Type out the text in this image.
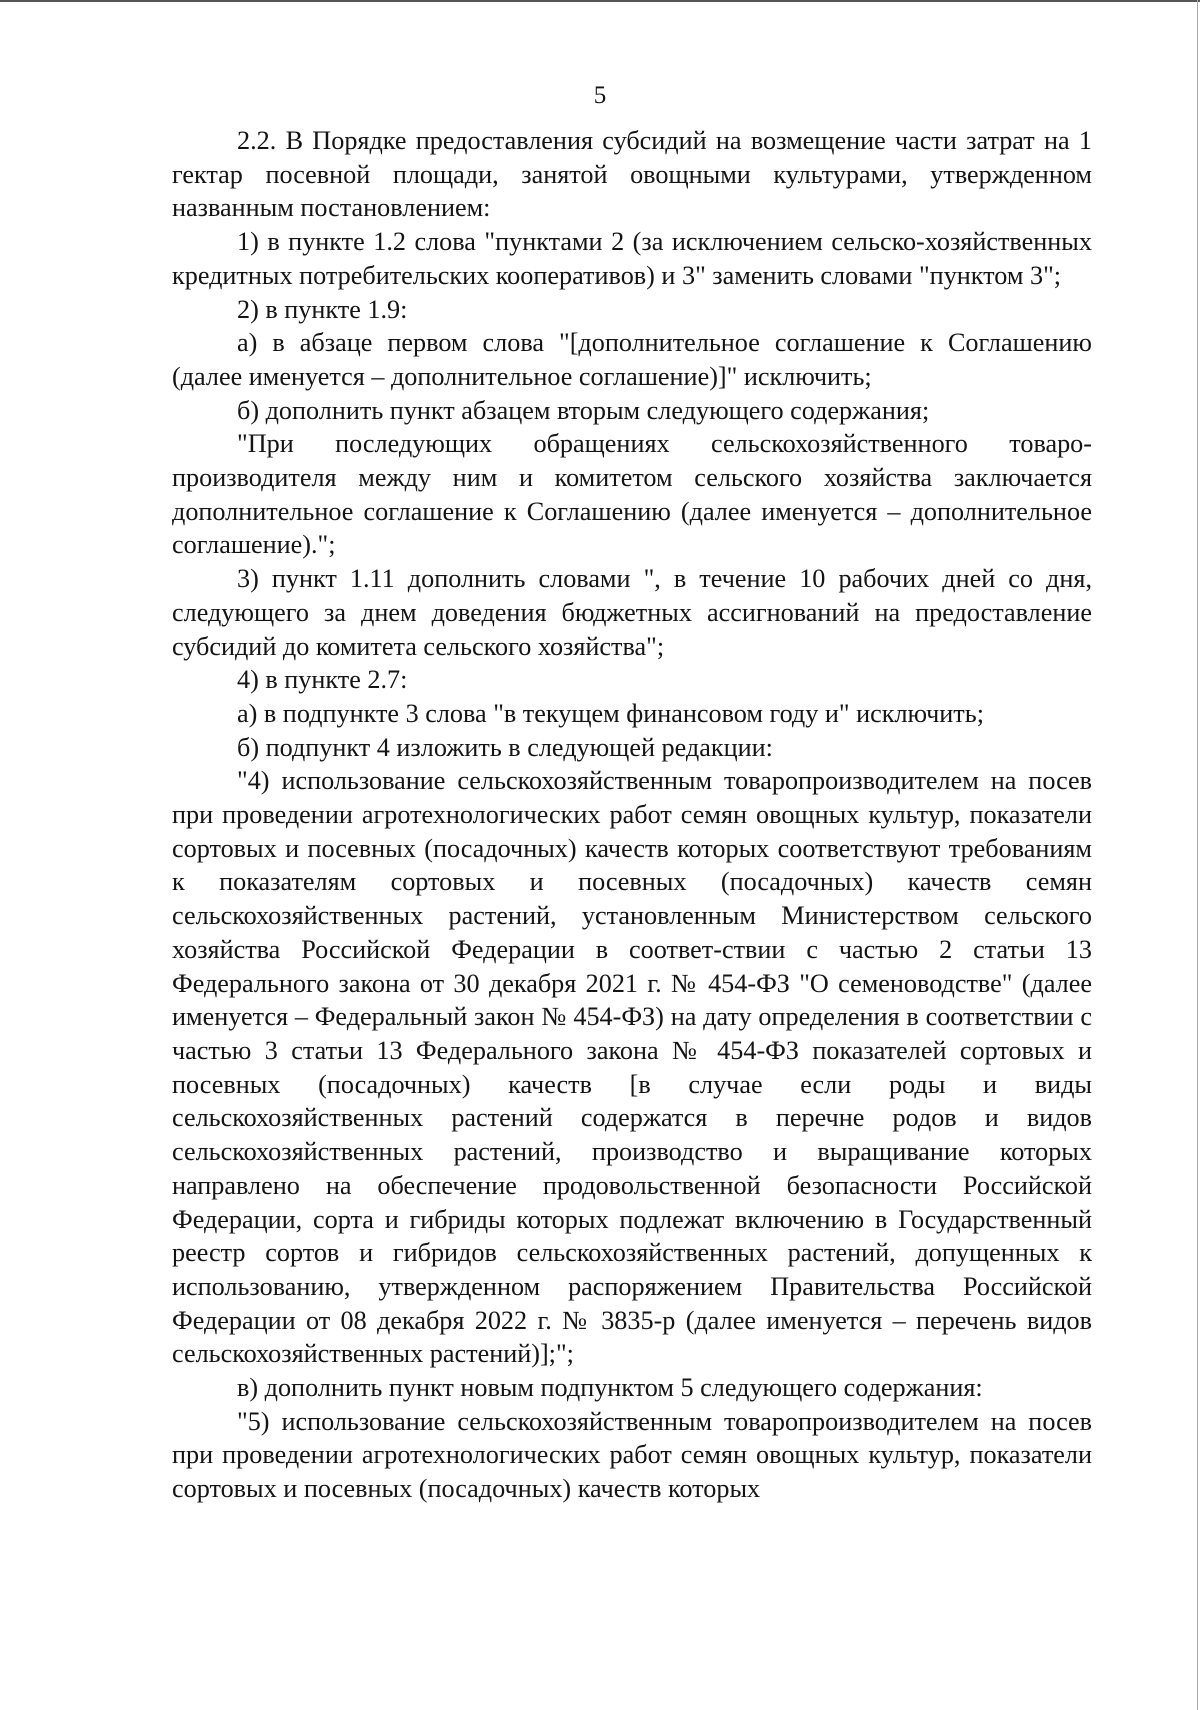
5

2.2. В Порядке предоставления субсидий на возмещение части затрат на 1 гектар посевной площади, занятой овощными культурами, утвержденном названным постановлением:

1) в пункте 1.2 слова "пунктами 2 (за исключением сельско-хозяйственных кредитных потребительских кооперативов) и 3" заменить словами "пунктом 3";

2) в пункте 1.9:

а) в абзаце первом слова "[дополнительное соглашение к Соглашению (далее именуется – дополнительное соглашение)]" исключить;

б) дополнить пункт абзацем вторым следующего содержания;

"При последующих обращениях сельскохозяйственного товаро-производителя между ним и комитетом сельского хозяйства заключается дополнительное соглашение к Соглашению (далее именуется – дополнительное соглашение).";

3) пункт 1.11 дополнить словами ", в течение 10 рабочих дней со дня, следующего за днем доведения бюджетных ассигнований на предоставление субсидий до комитета сельского хозяйства";

4) в пункте 2.7:

а) в подпункте 3 слова "в текущем финансовом году и" исключить;

б) подпункт 4 изложить в следующей редакции:

"4) использование сельскохозяйственным товаропроизводителем на посев при проведении агротехнологических работ семян овощных культур, показатели сортовых и посевных (посадочных) качеств которых соответствуют требованиям к показателям сортовых и посевных (посадочных) качеств семян сельскохозяйственных растений, установленным Министерством сельского хозяйства Российской Федерации в соответ-ствии с частью 2 статьи 13 Федерального закона от 30 декабря 2021 г. № 454-ФЗ "О семеноводстве" (далее именуется – Федеральный закон № 454-ФЗ) на дату определения в соответствии с частью 3 статьи 13 Федерального закона № 454-ФЗ показателей сортовых и посевных (посадочных) качеств [в случае если роды и виды сельскохозяйственных растений содержатся в перечне родов и видов сельскохозяйственных растений, производство и выращивание которых направлено на обеспечение продовольственной безопасности Российской Федерации, сорта и гибриды которых подлежат включению в Государственный реестр сортов и гибридов сельскохозяйственных растений, допущенных к использованию, утвержденном распоряжением Правительства Российской Федерации от 08 декабря 2022 г. № 3835-р (далее именуется – перечень видов сельскохозяйственных растений)];";

в) дополнить пункт новым подпунктом 5 следующего содержания:

"5) использование сельскохозяйственным товаропроизводителем на посев при проведении агротехнологических работ семян овощных культур, показатели сортовых и посевных (посадочных) качеств которых
